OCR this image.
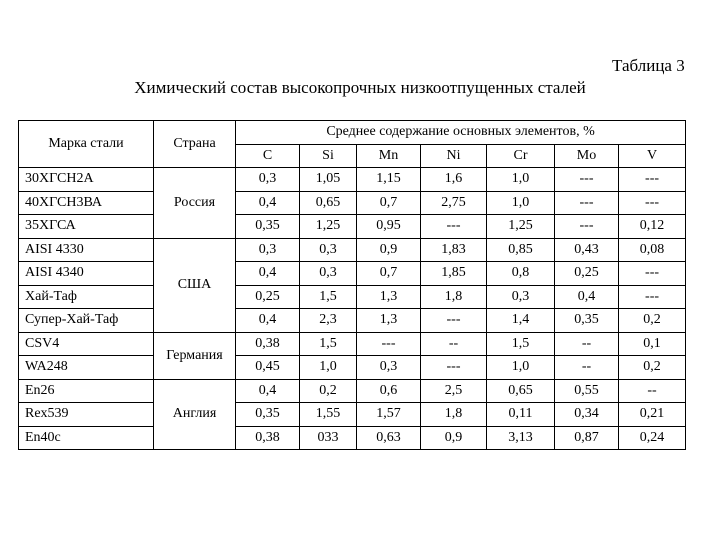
Таблица 3
Химический состав высокопрочных низкоотпущенных сталей
Марка стали	Страна	Среднее содержание основных элементов, %						
		C	Si	Mn	Ni	Cr	Mo	V
30ХГСН2А	Россия	0,3	1,05	1,15	1,6	1,0	---	---
40ХГСН3ВА		0,4	0,65	0,7	2,75	1,0	---	---
35ХГСА		0,35	1,25	0,95	---	1,25	---	0,12
AISI 4330	США	0,3	0,3	0,9	1,83	0,85	0,43	0,08
AISI 4340		0,4	0,3	0,7	1,85	0,8	0,25	---
Хай-Таф		0,25	1,5	1,3	1,8	0,3	0,4	---
Супер-Хай-Таф		0,4	2,3	1,3	---	1,4	0,35	0,2
CSV4	Германия	0,38	1,5	---	--	1,5	--	0,1
WA248		0,45	1,0	0,3	---	1,0	--	0,2
En26	Англия	0,4	0,2	0,6	2,5	0,65	0,55	--
Rex539		0,35	1,55	1,57	1,8	0,11	0,34	0,21
En40c		0,38	033	0,63	0,9	3,13	0,87	0,24
